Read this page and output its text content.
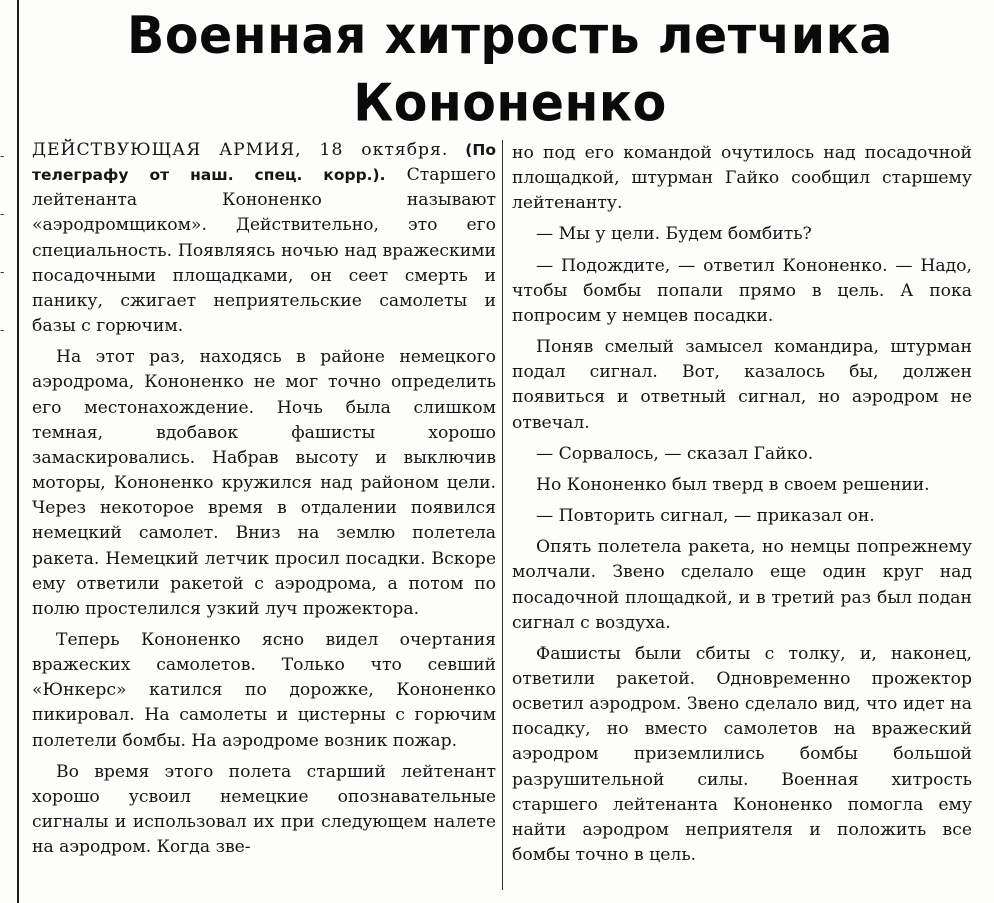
-
-
-
-
Военная хитрость летчика
Кононенко

ДЕЙСТВУЮЩАЯ АРМИЯ, 18 октября. (По телеграфу от наш. спец. корр.). Старшего лейтенанта Кононенко называют «аэродромщиком». Действительно, это его специальность. Появляясь ночью над вражескими посадочными площадками, он сеет смерть и панику, сжигает неприятельские самолеты и базы с горючим.

На этот раз, находясь в районе немецкого аэродрома, Кононенко не мог точно определить его местонахождение. Ночь была слишком темная, вдобавок фашисты хорошо замаскировались. Набрав высоту и выключив моторы, Кононенко кружился над районом цели. Через некоторое время в отдалении появился немецкий самолет. Вниз на землю полетела ракета. Немецкий летчик просил посадки. Вскоре ему ответили ракетой с аэродрома, а потом по полю простелился узкий луч прожектора.

Теперь Кононенко ясно видел очертания вражеских самолетов. Только что севший «Юнкерс» катился по дорожке, Кононенко пикировал. На самолеты и цистерны с горючим полетели бомбы. На аэродроме возник пожар.

Во время этого полета старший лейтенант хорошо усвоил немецкие опознавательные сигналы и использовал их при следующем налете на аэродром. Когда зве-

но под его командой очутилось над посадочной площадкой, штурман Гайко сообщил старшему лейтенанту.

— Мы у цели. Будем бомбить?

— Подождите, — ответил Кононенко. — Надо, чтобы бомбы попали прямо в цель. А пока попросим у немцев посадки.

Поняв смелый замысел командира, штурман подал сигнал. Вот, казалось бы, должен появиться и ответный сигнал, но аэродром не отвечал.

— Сорвалось, — сказал Гайко.

Но Кононенко был тверд в своем решении.

— Повторить сигнал, — приказал он.

Опять полетела ракета, но немцы попрежнему молчали. Звено сделало еще один круг над посадочной площадкой, и в третий раз был подан сигнал с воздуха.

Фашисты были сбиты с толку, и, наконец, ответили ракетой. Одновременно прожектор осветил аэродром. Звено сделало вид, что идет на посадку, но вместо самолетов на вражеский аэродром приземлились бомбы большой разрушительной силы. Военная хитрость старшего лейтенанта Кононенко помогла ему найти аэродром неприятеля и положить все бомбы точно в цель.
